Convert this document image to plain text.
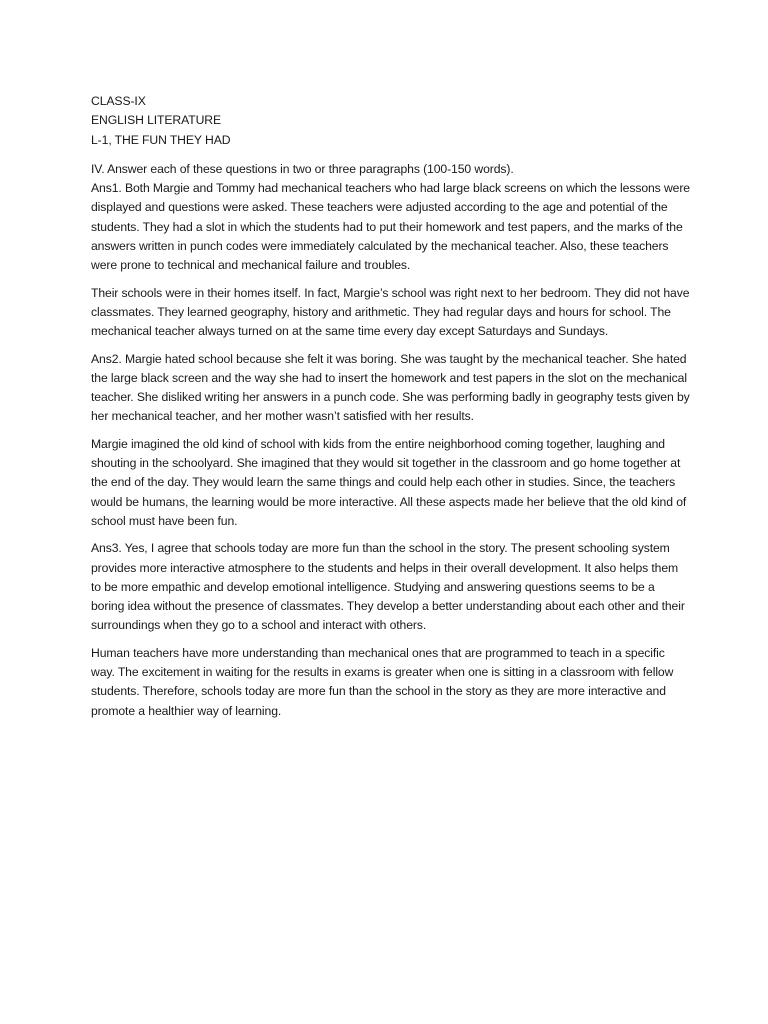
CLASS-IX
ENGLISH LITERATURE
L-1, THE FUN THEY HAD
IV. Answer each of these questions in two or three paragraphs (100-150 words).

Ans1. Both Margie and Tommy had mechanical teachers who had large black screens on which the lessons were displayed and questions were asked. These teachers were adjusted according to the age and potential of the students. They had a slot in which the students had to put their homework and test papers, and the marks of the answers written in punch codes were immediately calculated by the mechanical teacher. Also, these teachers were prone to technical and mechanical failure and troubles.

Their schools were in their homes itself. In fact, Margie’s school was right next to her bedroom. They did not have classmates. They learned geography, history and arithmetic. They had regular days and hours for school. The mechanical teacher always turned on at the same time every day except Saturdays and Sundays.

Ans2. Margie hated school because she felt it was boring. She was taught by the mechanical teacher. She hated the large black screen and the way she had to insert the homework and test papers in the slot on the mechanical teacher. She disliked writing her answers in a punch code. She was performing badly in geography tests given by her mechanical teacher, and her mother wasn’t satisfied with her results.

Margie imagined the old kind of school with kids from the entire neighborhood coming together, laughing and shouting in the schoolyard. She imagined that they would sit together in the classroom and go home together at the end of the day. They would learn the same things and could help each other in studies. Since, the teachers would be humans, the learning would be more interactive. All these aspects made her believe that the old kind of school must have been fun.

Ans3. Yes, I agree that schools today are more fun than the school in the story. The present schooling system provides more interactive atmosphere to the students and helps in their overall development. It also helps them to be more empathic and develop emotional intelligence. Studying and answering questions seems to be a boring idea without the presence of classmates. They develop a better understanding about each other and their surroundings when they go to a school and interact with others.

Human teachers have more understanding than mechanical ones that are programmed to teach in a specific way. The excitement in waiting for the results in exams is greater when one is sitting in a classroom with fellow students. Therefore, schools today are more fun than the school in the story as they are more interactive and promote a healthier way of learning.
